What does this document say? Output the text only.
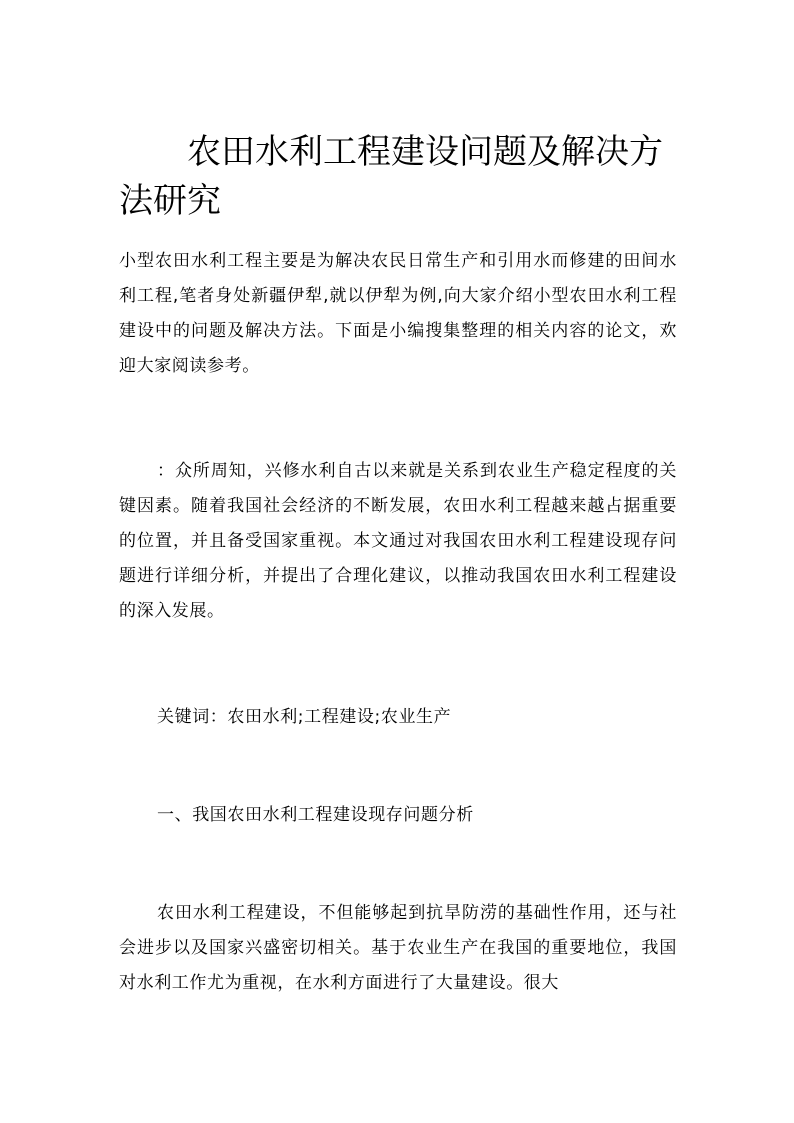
农田水利工程建设问题及解决方法研究

小型农田水利工程主要是为解决农民日常生产和引用水而修建的田间水利工程,笔者身处新疆伊犁,就以伊犁为例,向大家介绍小型农田水利工程建设中的问题及解决方法。下面是小编搜集整理的相关内容的论文，欢迎大家阅读参考。

：众所周知，兴修水利自古以来就是关系到农业生产稳定程度的关键因素。随着我国社会经济的不断发展，农田水利工程越来越占据重要的位置，并且备受国家重视。本文通过对我国农田水利工程建设现存问题进行详细分析，并提出了合理化建议，以推动我国农田水利工程建设的深入发展。

关键词：农田水利;工程建设;农业生产

一、我国农田水利工程建设现存问题分析

农田水利工程建设，不但能够起到抗旱防涝的基础性作用，还与社会进步以及国家兴盛密切相关。基于农业生产在我国的重要地位，我国对水利工作尤为重视，在水利方面进行了大量建设。很大
